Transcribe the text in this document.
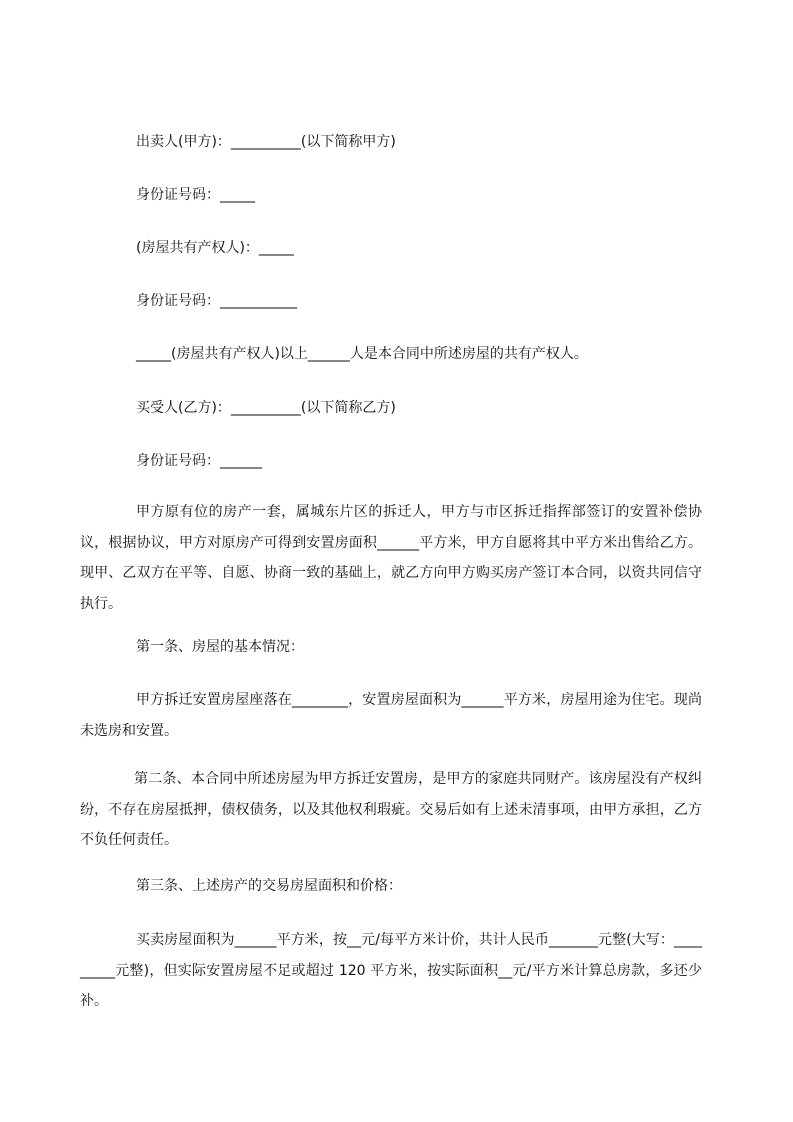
出卖人(甲方)：__________(以下简称甲方)
身份证号码：_____
(房屋共有产权人)：_____
身份证号码：___________
_____(房屋共有产权人)以上______人是本合同中所述房屋的共有产权人。
买受人(乙方)：__________(以下简称乙方)
身份证号码：______
甲方原有位的房产一套，属城东片区的拆迁人，甲方与市区拆迁指挥部签订的安置补偿协议，根据协议，甲方对原房产可得到安置房面积______平方米，甲方自愿将其中平方米出售给乙方。现甲、乙双方在平等、自愿、协商一致的基础上，就乙方向甲方购买房产签订本合同，以资共同信守执行。
第一条、房屋的基本情况：
甲方拆迁安置房屋座落在________，安置房屋面积为______平方米，房屋用途为住宅。现尚未选房和安置。
第二条、本合同中所述房屋为甲方拆迁安置房，是甲方的家庭共同财产。该房屋没有产权纠纷，不存在房屋抵押，债权债务，以及其他权利瑕疵。交易后如有上述未清事项，由甲方承担，乙方不负任何责任。
第三条、上述房产的交易房屋面积和价格：
买卖房屋面积为______平方米，按__元/每平方米计价，共计人民币_______元整(大写：_________元整)，但实际安置房屋不足或超过 120 平方米，按实际面积__元/平方米计算总房款，多还少补。
